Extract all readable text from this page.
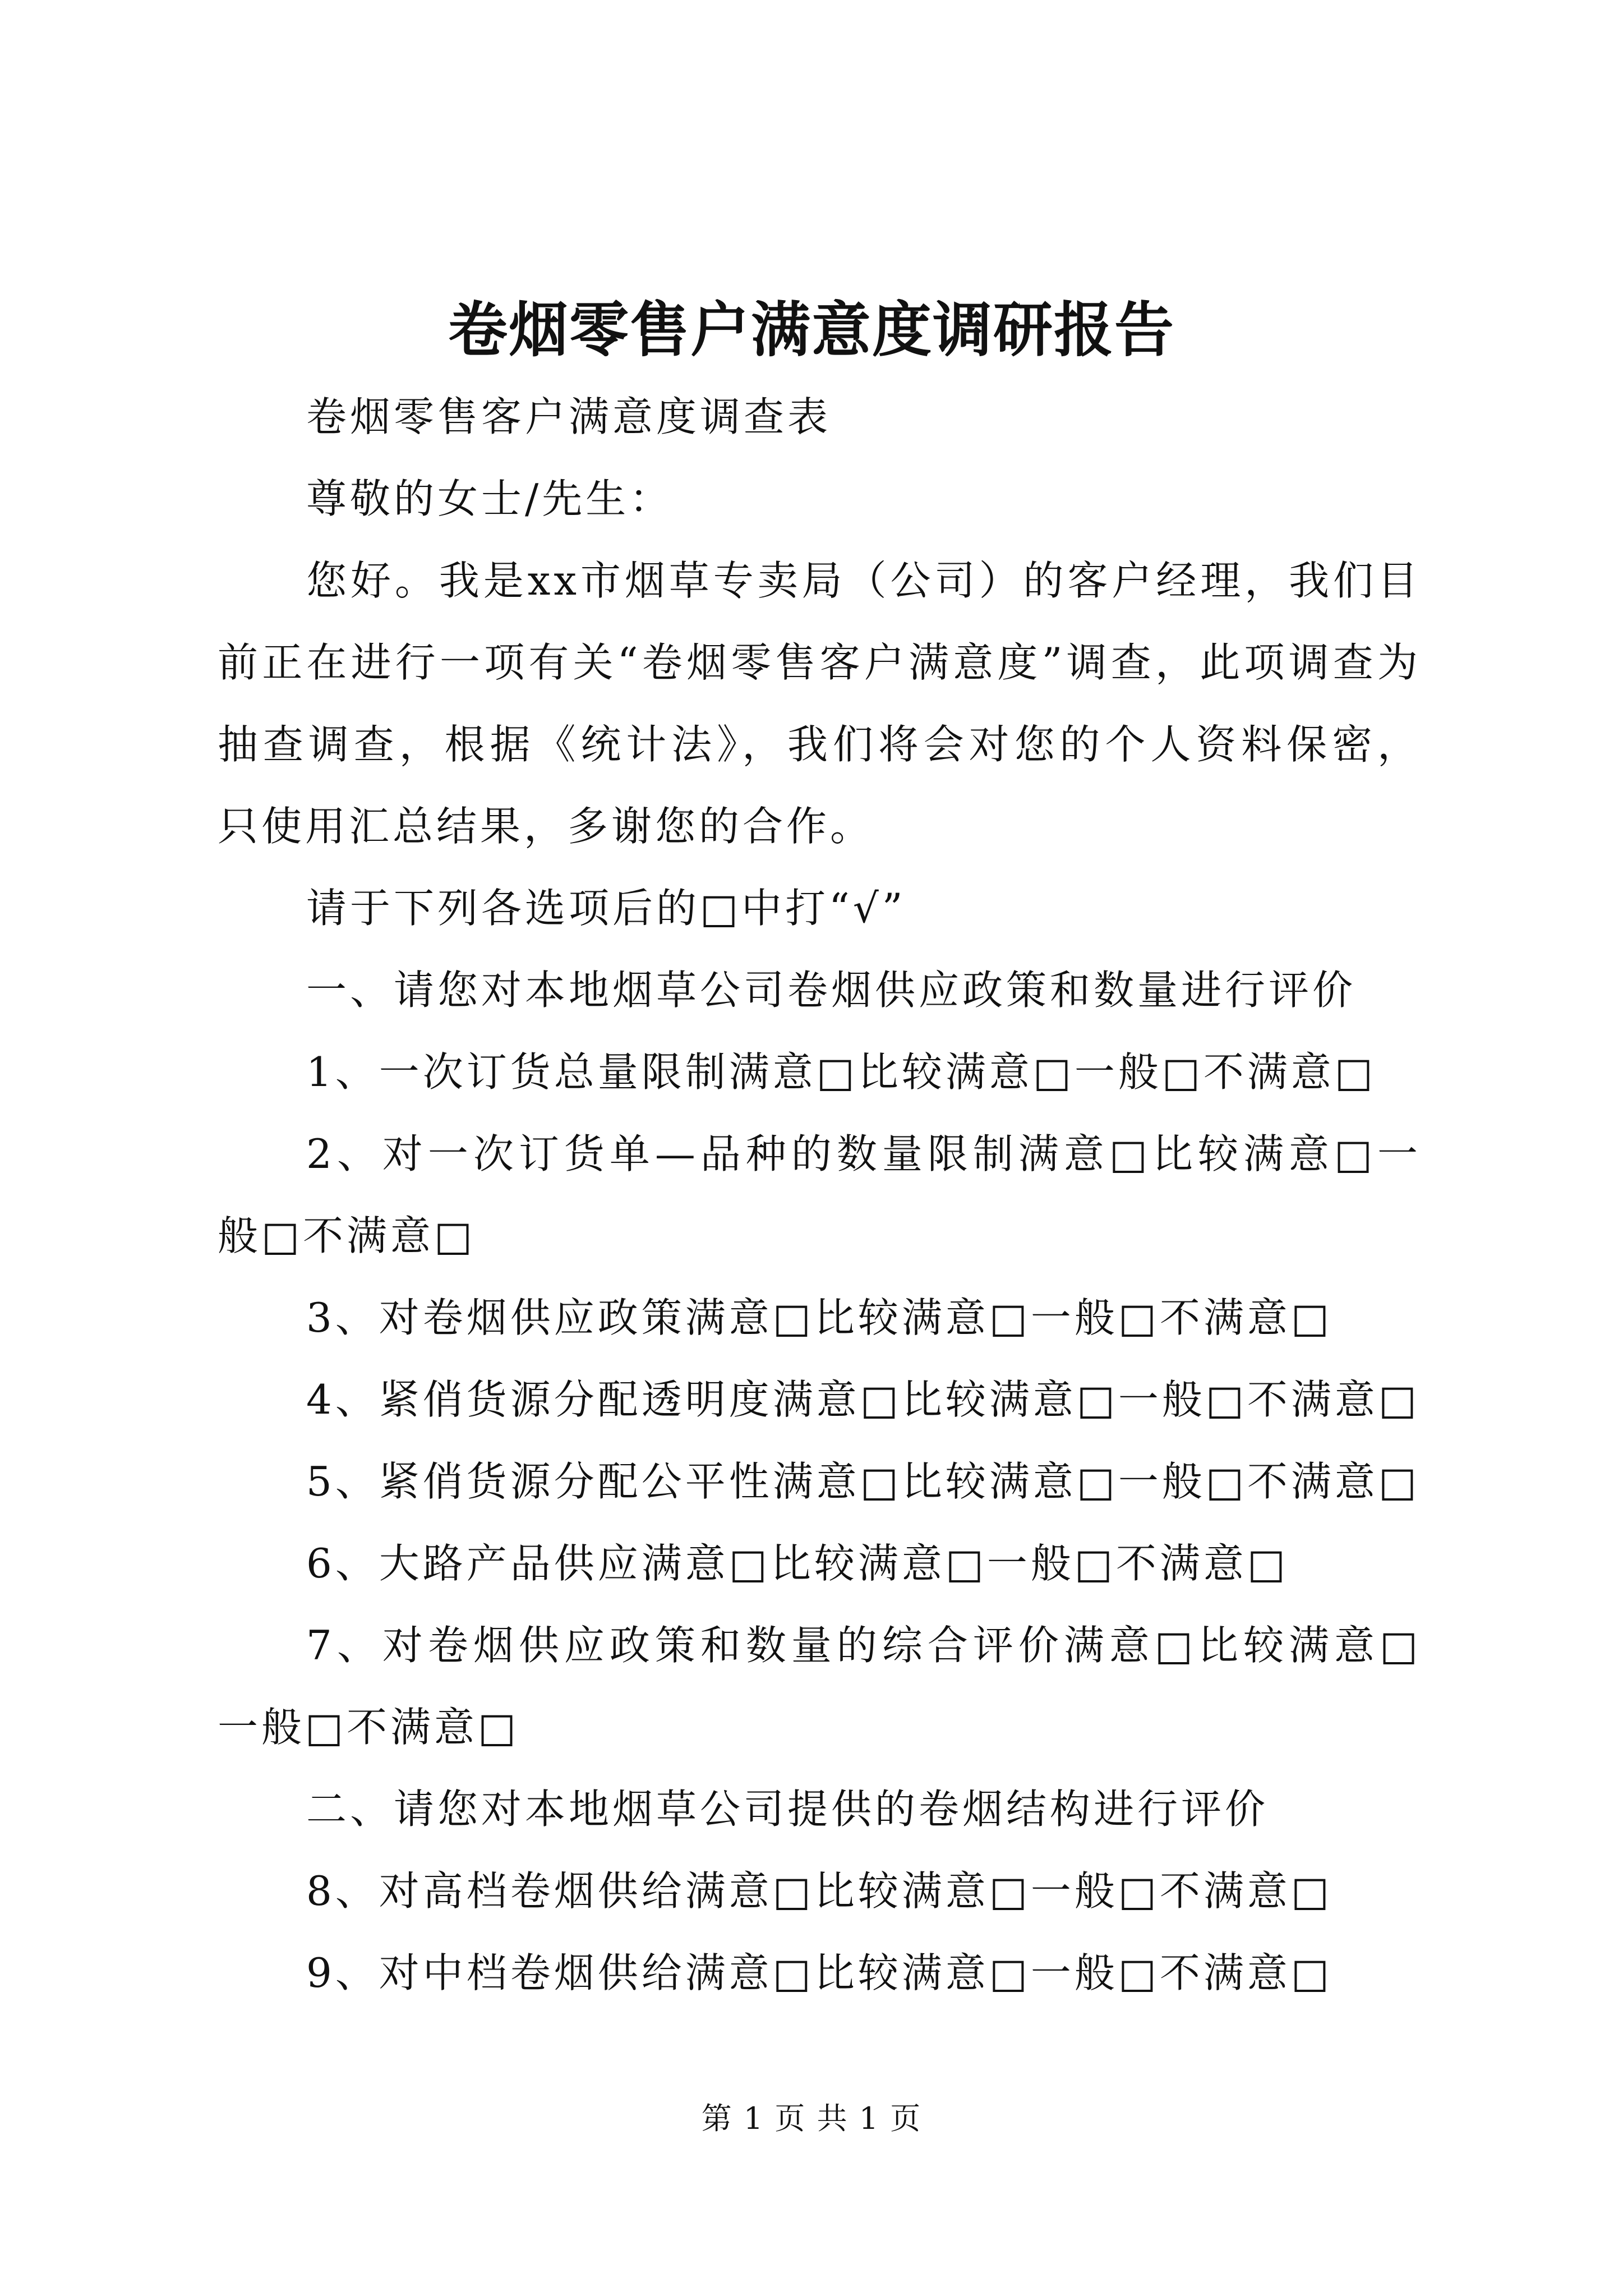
卷烟零售户满意度调研报告

卷烟零售客户满意度调查表

尊敬的女士/先生：

您好。我是xx市烟草专卖局（公司）的客户经理，我们目前正在进行一项有关“卷烟零售客户满意度”调查，此项调查为抽查调查，根据《统计法》，我们将会对您的个人资料保密，只使用汇总结果，多谢您的合作。

请于下列各选项后的□中打“√”

一、请您对本地烟草公司卷烟供应政策和数量进行评价

1、一次订货总量限制满意□比较满意□一般□不满意□

2、对一次订货单—品种的数量限制满意□比较满意□一般□不满意□

3、对卷烟供应政策满意□比较满意□一般□不满意□

4、紧俏货源分配透明度满意□比较满意□一般□不满意□

5、紧俏货源分配公平性满意□比较满意□一般□不满意□

6、大路产品供应满意□比较满意□一般□不满意□

7、对卷烟供应政策和数量的综合评价满意□比较满意□一般□不满意□

二、请您对本地烟草公司提供的卷烟结构进行评价

8、对高档卷烟供给满意□比较满意□一般□不满意□

9、对中档卷烟供给满意□比较满意□一般□不满意□

第 1 页 共 1 页
